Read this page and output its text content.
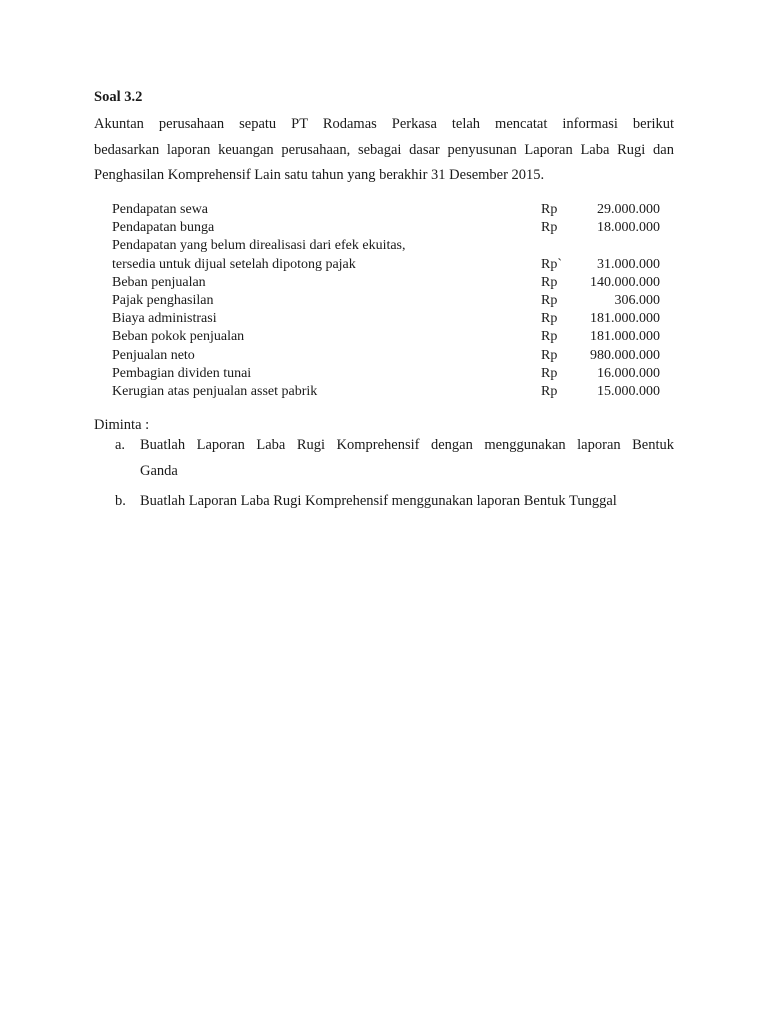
Soal 3.2
Akuntan perusahaan sepatu PT Rodamas Perkasa telah mencatat informasi berikut
bedasarkan laporan keuangan perusahaan, sebagai dasar penyusunan Laporan Laba Rugi dan
Penghasilan Komprehensif Lain satu tahun yang berakhir 31 Desember 2015.
Pendapatan sewa	Rp	29.000.000
Pendapatan bunga	Rp	18.000.000
Pendapatan yang belum direalisasi dari efek ekuitas,
tersedia untuk dijual setelah dipotong pajak	Rp`	31.000.000
Beban penjualan	Rp 140.000.000
Pajak penghasilan	Rp	306.000
Biaya administrasi	Rp 181.000.000
Beban pokok penjualan	Rp 181.000.000
Penjualan neto	Rp 980.000.000
Pembagian dividen tunai	Rp	16.000.000
Kerugian atas penjualan asset pabrik	Rp	15.000.000
Diminta :
a. Buatlah Laporan Laba Rugi Komprehensif dengan menggunakan laporan Bentuk
Ganda
b. Buatlah Laporan Laba Rugi Komprehensif menggunakan laporan Bentuk Tunggal
